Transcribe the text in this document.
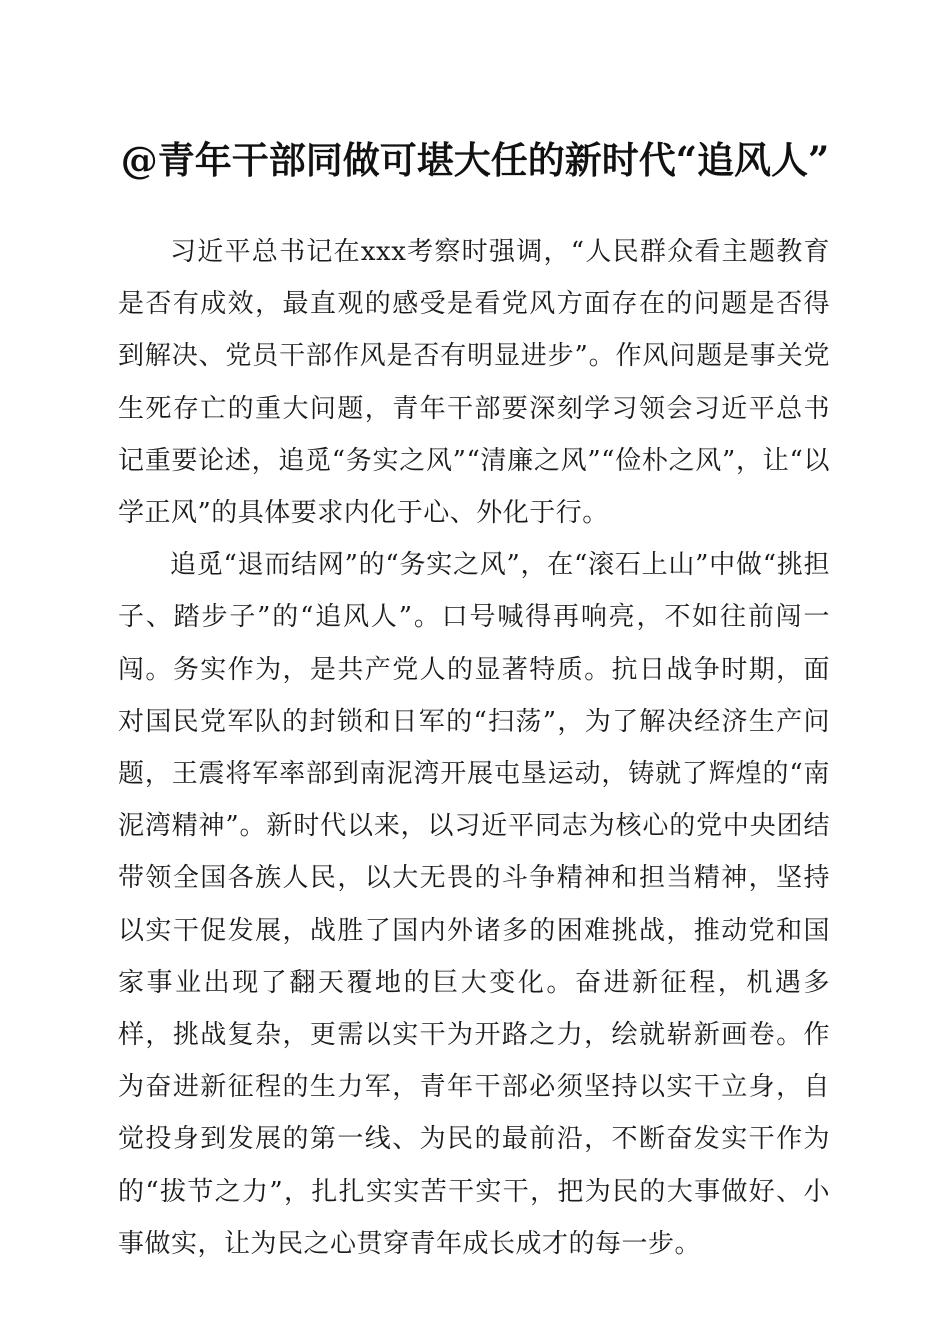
@青年干部同做可堪大任的新时代“追风人”

习近平总书记在xxx考察时强调，“人民群众看主题教育是否有成效，最直观的感受是看党风方面存在的问题是否得到解决、党员干部作风是否有明显进步”。作风问题是事关党生死存亡的重大问题，青年干部要深刻学习领会习近平总书记重要论述，追觅“务实之风”“清廉之风”“俭朴之风”，让“以学正风”的具体要求内化于心、外化于行。

追觅“退而结网”的“务实之风”，在“滚石上山”中做“挑担子、踏步子”的“追风人”。口号喊得再响亮，不如往前闯一闯。务实作为，是共产党人的显著特质。抗日战争时期，面对国民党军队的封锁和日军的“扫荡”，为了解决经济生产问题，王震将军率部到南泥湾开展屯垦运动，铸就了辉煌的“南泥湾精神”。新时代以来，以习近平同志为核心的党中央团结带领全国各族人民，以大无畏的斗争精神和担当精神，坚持以实干促发展，战胜了国内外诸多的困难挑战，推动党和国家事业出现了翻天覆地的巨大变化。奋进新征程，机遇多样，挑战复杂，更需以实干为开路之力，绘就崭新画卷。作为奋进新征程的生力军，青年干部必须坚持以实干立身，自觉投身到发展的第一线、为民的最前沿，不断奋发实干作为的“拔节之力”，扎扎实实苦干实干，把为民的大事做好、小事做实，让为民之心贯穿青年成长成才的每一步。
